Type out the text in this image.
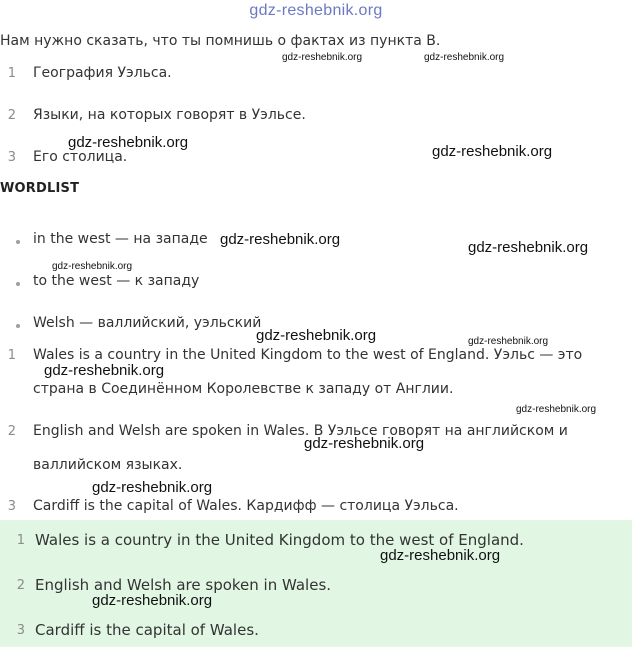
gdz-reshebnik.org
Нам нужно сказать, что ты помнишь о фактах из пункта В.
1 География Уэльса.
2 Языки, на которых говорят в Уэльсе.
3 Его столица.
WORDLIST
in the west — на западе
to the west — к западу
Welsh — валлийский, уэльский
1 Wales is a country in the United Kingdom to the west of England. Уэльс — это
страна в Соединённом Королевстве к западу от Англии.
2 English and Welsh are spoken in Wales. В Уэльсе говорят на английском и
валлийском языках.
3 Cardiff is the capital of Wales. Кардифф — столица Уэльса.
1 Wales is a country in the United Kingdom to the west of England.
2 English and Welsh are spoken in Wales.
3 Cardiff is the capital of Wales.
gdz-reshebnik.org	gdz-reshebnik.org
gdz-reshebnik.org
gdz-reshebnik.org
gdz-reshebnik.org	gdz-reshebnik.org
gdz-reshebnik.org
gdz-reshebnik.org	gdz-reshebnik.org
gdz-reshebnik.org
gdz-reshebnik.org
gdz-reshebnik.org
gdz-reshebnik.org
gdz-reshebnik.org
gdz-reshebnik.org
